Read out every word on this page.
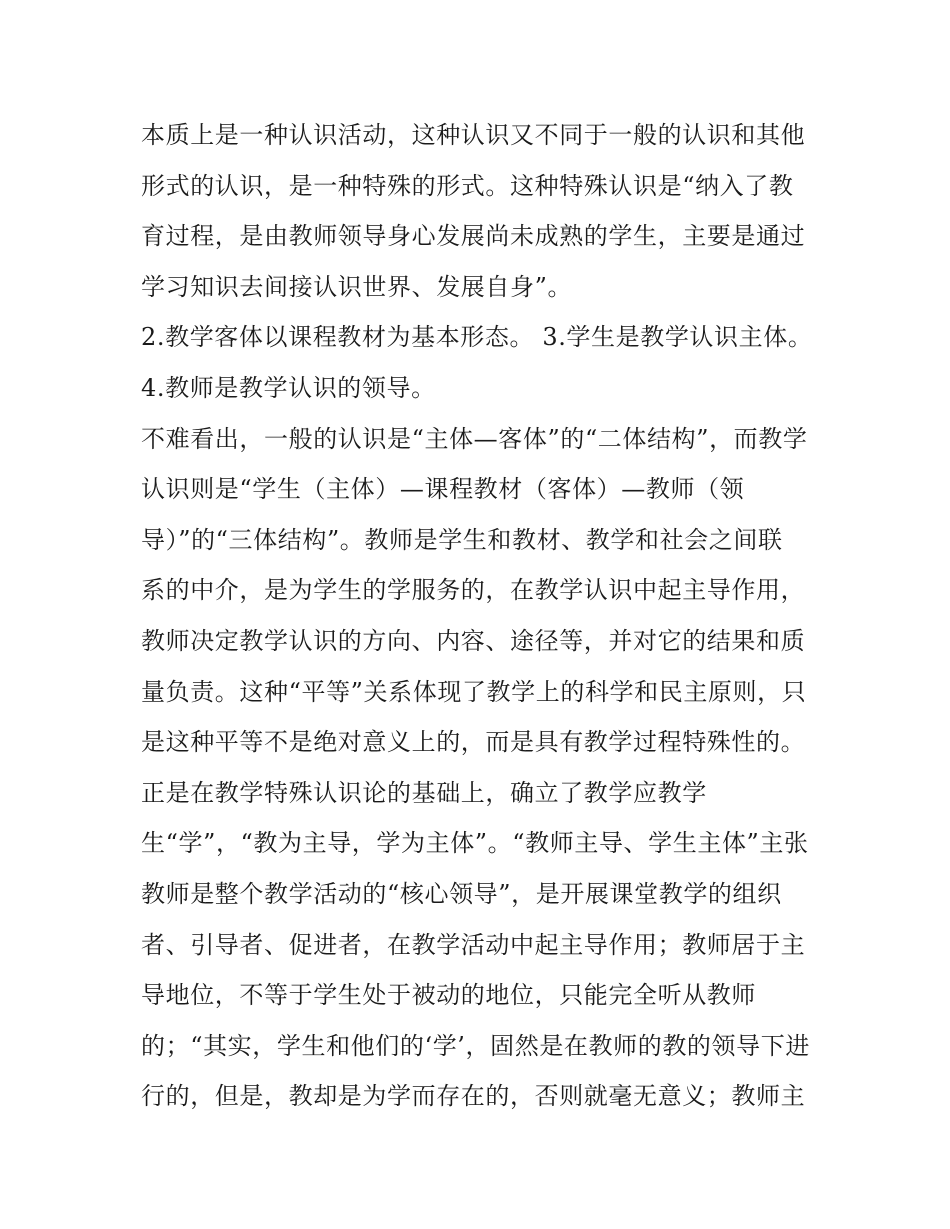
本质上是一种认识活动，这种认识又不同于一般的认识和其他
形式的认识，是一种特殊的形式。这种特殊认识是“纳入了教
育过程，是由教师领导身心发展尚未成熟的学生，主要是通过
学习知识去间接认识世界、发展自身”。
2.教学客体以课程教材为基本形态。 3.学生是教学认识主体。
4.教师是教学认识的领导。
不难看出，一般的认识是“主体—客体”的“二体结构”，而教学
认识则是“学生（主体）—课程教材（客体）—教师（领
导）”的“三体结构”。教师是学生和教材、教学和社会之间联
系的中介，是为学生的学服务的，在教学认识中起主导作用，
教师决定教学认识的方向、内容、途径等，并对它的结果和质
量负责。这种“平等”关系体现了教学上的科学和民主原则，只
是这种平等不是绝对意义上的，而是具有教学过程特殊性的。
正是在教学特殊认识论的基础上，确立了教学应教学
生“学”，“教为主导，学为主体”。“教师主导、学生主体”主张
教师是整个教学活动的“核心领导”，是开展课堂教学的组织
者、引导者、促进者，在教学活动中起主导作用；教师居于主
导地位，不等于学生处于被动的地位，只能完全听从教师
的；“其实，学生和他们的‘学’，固然是在教师的教的领导下进
行的，但是，教却是为学而存在的，否则就毫无意义；教师主
